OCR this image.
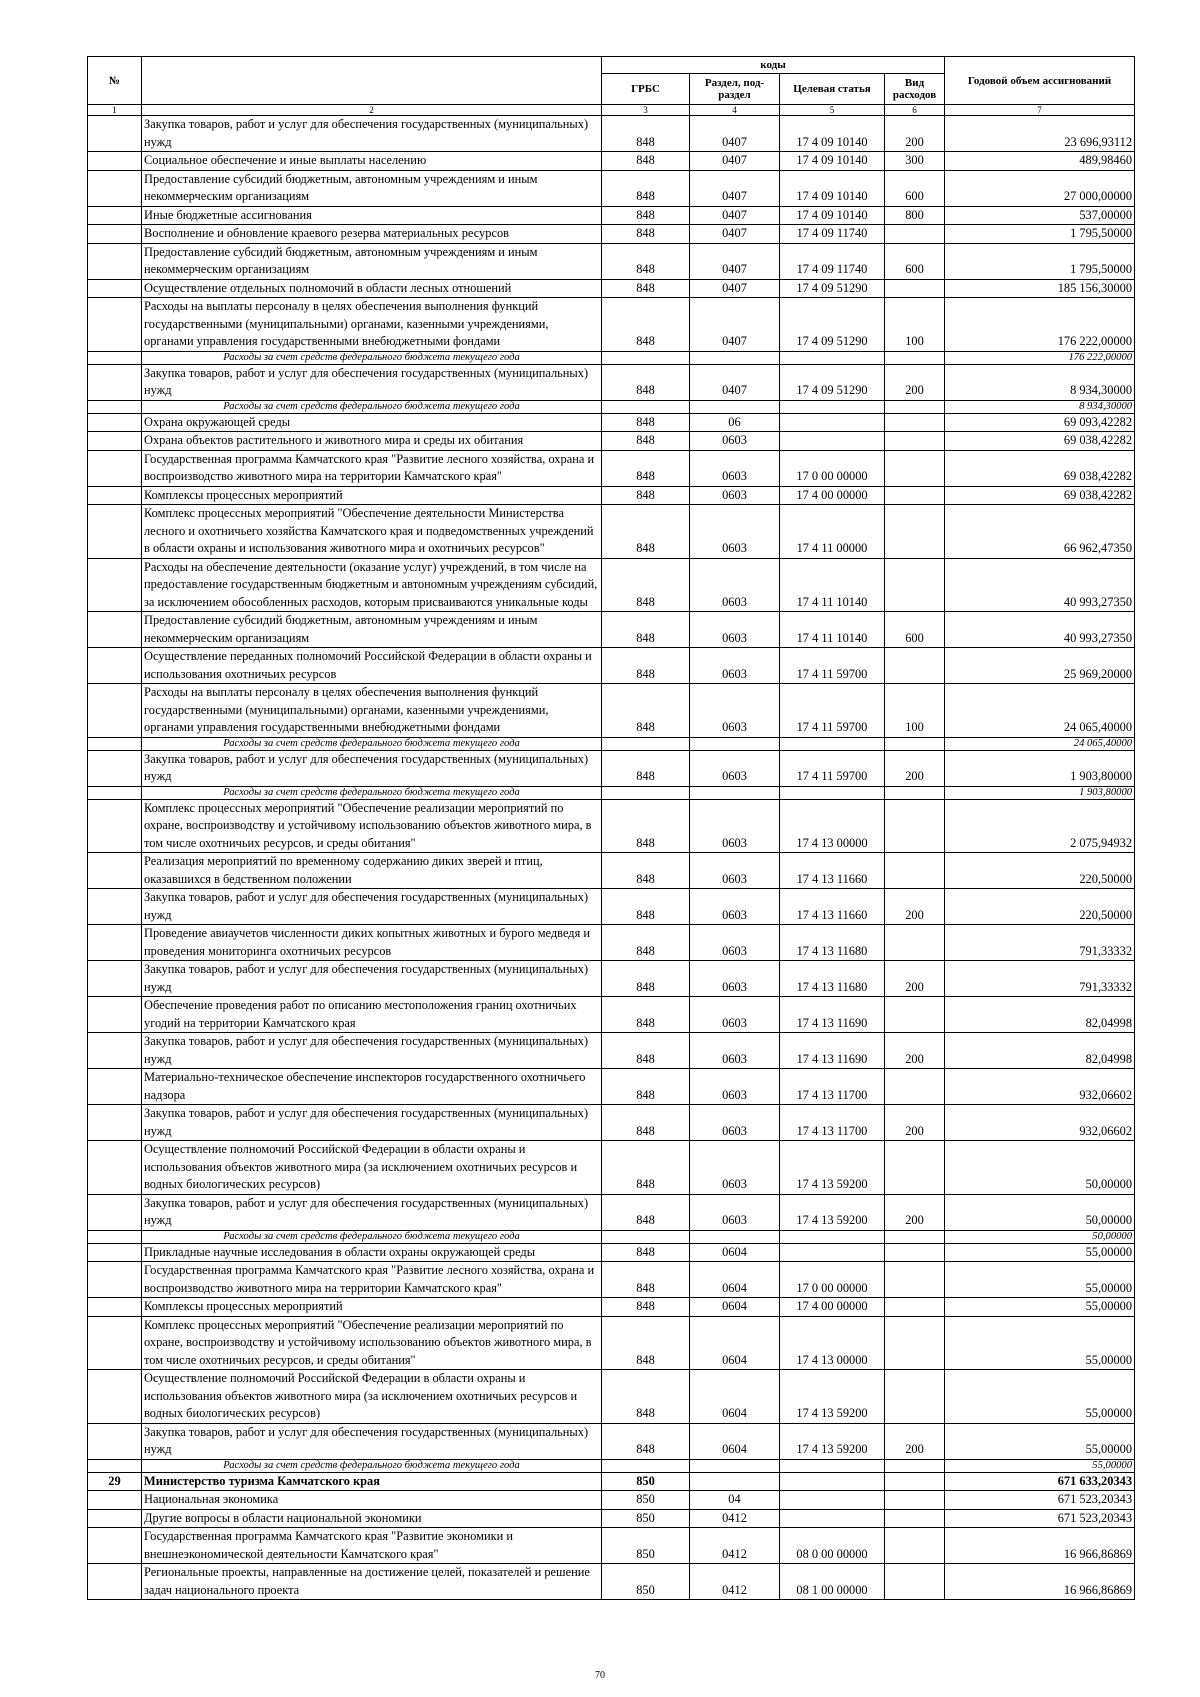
№		коды				Годовой объем ассигнований
		ГРБС	Раздел, под-раздел	Целевая статья	Вид расходов	
1	2	3	4	5	6	7
	Закупка товаров, работ и услуг для обеспечения государственных (муниципальных) нужд	848	0407	17 4 09 10140	200	23 696,93112
	Социальное обеспечение и иные выплаты населению	848	0407	17 4 09 10140	300	489,98460
	Предоставление субсидий бюджетным, автономным учреждениям и иным некоммерческим организациям	848	0407	17 4 09 10140	600	27 000,00000
	Иные бюджетные ассигнования	848	0407	17 4 09 10140	800	537,00000
	Восполнение и обновление краевого резерва материальных ресурсов	848	0407	17 4 09 11740		1 795,50000
	Предоставление субсидий бюджетным, автономным учреждениям и иным некоммерческим организациям	848	0407	17 4 09 11740	600	1 795,50000
	Осуществление отдельных полномочий в области лесных отношений	848	0407	17 4 09 51290		185 156,30000
	Расходы на выплаты персоналу в целях обеспечения выполнения функций государственными (муниципальными) органами, казенными учреждениями, органами управления государственными внебюджетными фондами	848	0407	17 4 09 51290	100	176 222,00000
	Расходы за счет средств федерального бюджета текущего года					176 222,00000
	Закупка товаров, работ и услуг для обеспечения государственных (муниципальных) нужд	848	0407	17 4 09 51290	200	8 934,30000
	Расходы за счет средств федерального бюджета текущего года					8 934,30000
	Охрана окружающей среды	848	06			69 093,42282
	Охрана объектов растительного и животного мира и среды их обитания	848	0603			69 038,42282
	Государственная программа Камчатского края "Развитие лесного хозяйства, охрана и воспроизводство животного мира на территории Камчатского края"	848	0603	17 0 00 00000		69 038,42282
	Комплексы процессных мероприятий	848	0603	17 4 00 00000		69 038,42282
	Комплекс процессных мероприятий "Обеспечение деятельности Министерства лесного и охотничьего хозяйства Камчатского края и подведомственных учреждений в области охраны и использования животного мира и охотничьих ресурсов"	848	0603	17 4 11 00000		66 962,47350
	Расходы на обеспечение деятельности (оказание услуг) учреждений, в том числе на предоставление государственным бюджетным и автономным учреждениям субсидий, за исключением обособленных расходов, которым присваиваются уникальные коды	848	0603	17 4 11 10140		40 993,27350
	Предоставление субсидий бюджетным, автономным учреждениям и иным некоммерческим организациям	848	0603	17 4 11 10140	600	40 993,27350
	Осуществление переданных полномочий Российской Федерации в области охраны и использования охотничьих ресурсов	848	0603	17 4 11 59700		25 969,20000
	Расходы на выплаты персоналу в целях обеспечения выполнения функций государственными (муниципальными) органами, казенными учреждениями, органами управления государственными внебюджетными фондами	848	0603	17 4 11 59700	100	24 065,40000
	Расходы за счет средств федерального бюджета текущего года					24 065,40000
	Закупка товаров, работ и услуг для обеспечения государственных (муниципальных) нужд	848	0603	17 4 11 59700	200	1 903,80000
	Расходы за счет средств федерального бюджета текущего года					1 903,80000
	Комплекс процессных мероприятий "Обеспечение реализации мероприятий по охране, воспроизводству и устойчивому использованию объектов животного мира, в том числе охотничьих ресурсов, и среды обитания"	848	0603	17 4 13 00000		2 075,94932
	Реализация мероприятий по временному содержанию диких зверей и птиц, оказавшихся в бедственном положении	848	0603	17 4 13 11660		220,50000
	Закупка товаров, работ и услуг для обеспечения государственных (муниципальных) нужд	848	0603	17 4 13 11660	200	220,50000
	Проведение авиаучетов численности диких копытных животных и бурого медведя и проведения мониторинга охотничьих ресурсов	848	0603	17 4 13 11680		791,33332
	Закупка товаров, работ и услуг для обеспечения государственных (муниципальных) нужд	848	0603	17 4 13 11680	200	791,33332
	Обеспечение проведения работ по описанию местоположения границ охотничьих угодий на территории Камчатского края	848	0603	17 4 13 11690		82,04998
	Закупка товаров, работ и услуг для обеспечения государственных (муниципальных) нужд	848	0603	17 4 13 11690	200	82,04998
	Материально-техническое обеспечение инспекторов государственного охотничьего надзора	848	0603	17 4 13 11700		932,06602
	Закупка товаров, работ и услуг для обеспечения государственных (муниципальных) нужд	848	0603	17 4 13 11700	200	932,06602
	Осуществление полномочий Российской Федерации в области охраны и использования объектов животного мира (за исключением охотничьих ресурсов и водных биологических ресурсов)	848	0603	17 4 13 59200		50,00000
	Закупка товаров, работ и услуг для обеспечения государственных (муниципальных) нужд	848	0603	17 4 13 59200	200	50,00000
	Расходы за счет средств федерального бюджета текущего года					50,00000
	Прикладные научные исследования в области охраны окружающей среды	848	0604			55,00000
	Государственная программа Камчатского края "Развитие лесного хозяйства, охрана и воспроизводство животного мира на территории Камчатского края"	848	0604	17 0 00 00000		55,00000
	Комплексы процессных мероприятий	848	0604	17 4 00 00000		55,00000
	Комплекс процессных мероприятий "Обеспечение реализации мероприятий по охране, воспроизводству и устойчивому использованию объектов животного мира, в том числе охотничьих ресурсов, и среды обитания"	848	0604	17 4 13 00000		55,00000
	Осуществление полномочий Российской Федерации в области охраны и использования объектов животного мира (за исключением охотничьих ресурсов и водных биологических ресурсов)	848	0604	17 4 13 59200		55,00000
	Закупка товаров, работ и услуг для обеспечения государственных (муниципальных) нужд	848	0604	17 4 13 59200	200	55,00000
	Расходы за счет средств федерального бюджета текущего года					55,00000
29	Министерство туризма Камчатского края	850				671 633,20343
	Национальная экономика	850	04			671 523,20343
	Другие вопросы в области национальной экономики	850	0412			671 523,20343
	Государственная программа Камчатского края "Развитие экономики и внешнеэкономической деятельности Камчатского края"	850	0412	08 0 00 00000		16 966,86869
	Региональные проекты, направленные на достижение целей, показателей и решение задач национального проекта	850	0412	08 1 00 00000		16 966,86869
70
